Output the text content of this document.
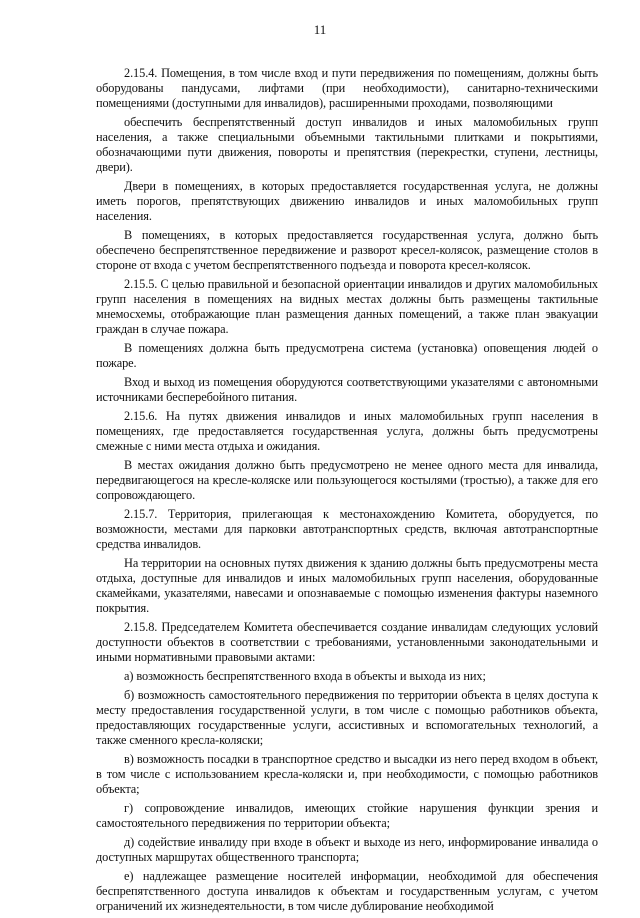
11

2.15.4. Помещения, в том числе вход и пути передвижения по помещениям, должны быть оборудованы пандусами, лифтами (при необходимости), санитарно-техническими помещениями (доступными для инвалидов), расширенными проходами, позволяющими

обеспечить беспрепятственный доступ инвалидов и иных маломобильных групп населения, а также специальными объемными тактильными плитками и покрытиями, обозначающими пути движения, повороты и препятствия (перекрестки, ступени, лестницы, двери).

Двери в помещениях, в которых предоставляется государственная услуга, не должны иметь порогов, препятствующих движению инвалидов и иных маломобильных групп населения.

В помещениях, в которых предоставляется государственная услуга, должно быть обеспечено беспрепятственное передвижение и разворот кресел-колясок, размещение столов в стороне от входа с учетом беспрепятственного подъезда и поворота кресел-колясок.

2.15.5. С целью правильной и безопасной ориентации инвалидов и других маломобильных групп населения в помещениях на видных местах должны быть размещены тактильные мнемосхемы, отображающие план размещения данных помещений, а также план эвакуации граждан в случае пожара.

В помещениях должна быть предусмотрена система (установка) оповещения людей о пожаре.

Вход и выход из помещения оборудуются соответствующими указателями с автономными источниками бесперебойного питания.

2.15.6. На путях движения инвалидов и иных маломобильных групп населения в помещениях, где предоставляется государственная услуга, должны быть предусмотрены смежные с ними места отдыха и ожидания.

В местах ожидания должно быть предусмотрено не менее одного места для инвалида, передвигающегося на кресле-коляске или пользующегося костылями (тростью), а также для его сопровождающего.

2.15.7. Территория, прилегающая к местонахождению Комитета, оборудуется, по возможности, местами для парковки автотранспортных средств, включая автотранспортные средства инвалидов.

На территории на основных путях движения к зданию должны быть предусмотрены места отдыха, доступные для инвалидов и иных маломобильных групп населения, оборудованные скамейками, указателями, навесами и опознаваемые с помощью изменения фактуры наземного покрытия.

2.15.8. Председателем Комитета обеспечивается создание инвалидам следующих условий доступности объектов в соответствии с требованиями, установленными законодательными и иными нормативными правовыми актами:

а) возможность беспрепятственного входа в объекты и выхода из них;

б) возможность самостоятельного передвижения по территории объекта в целях доступа к месту предоставления государственной услуги, в том числе с помощью работников объекта, предоставляющих государственные услуги, ассистивных и вспомогательных технологий, а также сменного кресла-коляски;

в) возможность посадки в транспортное средство и высадки из него перед входом в объект, в том числе с использованием кресла-коляски и, при необходимости, с помощью работников объекта;

г) сопровождение инвалидов, имеющих стойкие нарушения функции зрения и самостоятельного передвижения по территории объекта;

д) содействие инвалиду при входе в объект и выходе из него, информирование инвалида о доступных маршрутах общественного транспорта;

е) надлежащее размещение носителей информации, необходимой для обеспечения беспрепятственного доступа инвалидов к объектам и государственным услугам, с учетом ограничений их жизнедеятельности, в том числе дублирование необходимой
